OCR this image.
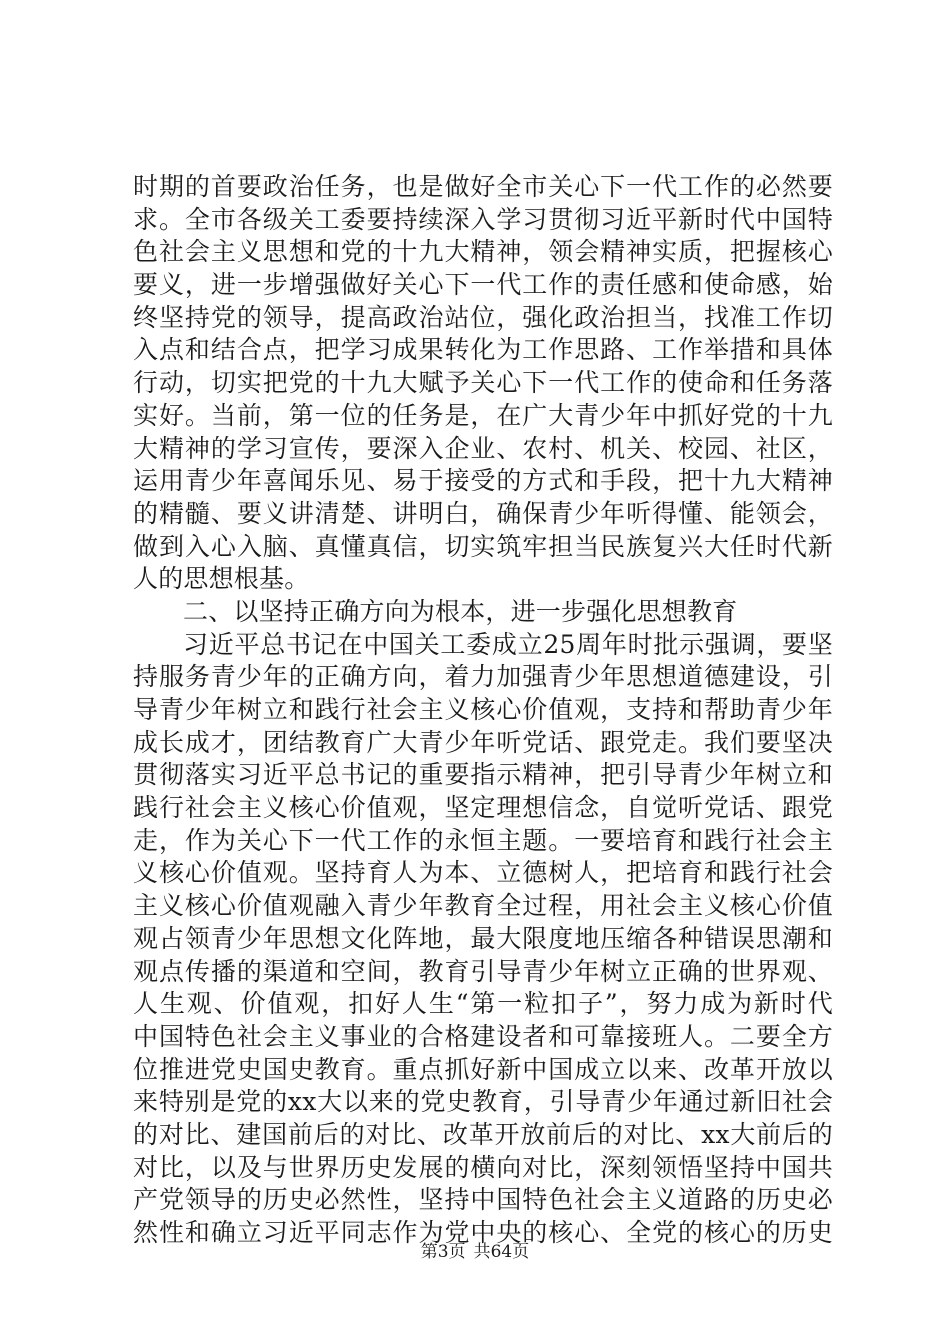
时期的首要政治任务，也是做好全市关心下一代工作的必然要
求。全市各级关工委要持续深入学习贯彻习近平新时代中国特
色社会主义思想和党的十九大精神，领会精神实质，把握核心
要义，进一步增强做好关心下一代工作的责任感和使命感，始
终坚持党的领导，提高政治站位，强化政治担当，找准工作切
入点和结合点，把学习成果转化为工作思路、工作举措和具体
行动，切实把党的十九大赋予关心下一代工作的使命和任务落
实好。当前，第一位的任务是，在广大青少年中抓好党的十九
大精神的学习宣传，要深入企业、农村、机关、校园、社区，
运用青少年喜闻乐见、易于接受的方式和手段，把十九大精神
的精髓、要义讲清楚、讲明白，确保青少年听得懂、能领会，
做到入心入脑、真懂真信，切实筑牢担当民族复兴大任时代新
人的思想根基。
二、以坚持正确方向为根本，进一步强化思想教育
习近平总书记在中国关工委成立25周年时批示强调，要坚
持服务青少年的正确方向，着力加强青少年思想道德建设，引
导青少年树立和践行社会主义核心价值观，支持和帮助青少年
成长成才，团结教育广大青少年听党话、跟党走。我们要坚决
贯彻落实习近平总书记的重要指示精神，把引导青少年树立和
践行社会主义核心价值观，坚定理想信念，自觉听党话、跟党
走，作为关心下一代工作的永恒主题。一要培育和践行社会主
义核心价值观。坚持育人为本、立德树人，把培育和践行社会
主义核心价值观融入青少年教育全过程，用社会主义核心价值
观占领青少年思想文化阵地，最大限度地压缩各种错误思潮和
观点传播的渠道和空间，教育引导青少年树立正确的世界观、
人生观、价值观，扣好人生“第一粒扣子”，努力成为新时代
中国特色社会主义事业的合格建设者和可靠接班人。二要全方
位推进党史国史教育。重点抓好新中国成立以来、改革开放以
来特别是党的xx大以来的党史教育，引导青少年通过新旧社会
的对比、建国前后的对比、改革开放前后的对比、xx大前后的
对比，以及与世界历史发展的横向对比，深刻领悟坚持中国共
产党领导的历史必然性，坚持中国特色社会主义道路的历史必
然性和确立习近平同志作为党中央的核心、全党的核心的历史
第3页 共64页
